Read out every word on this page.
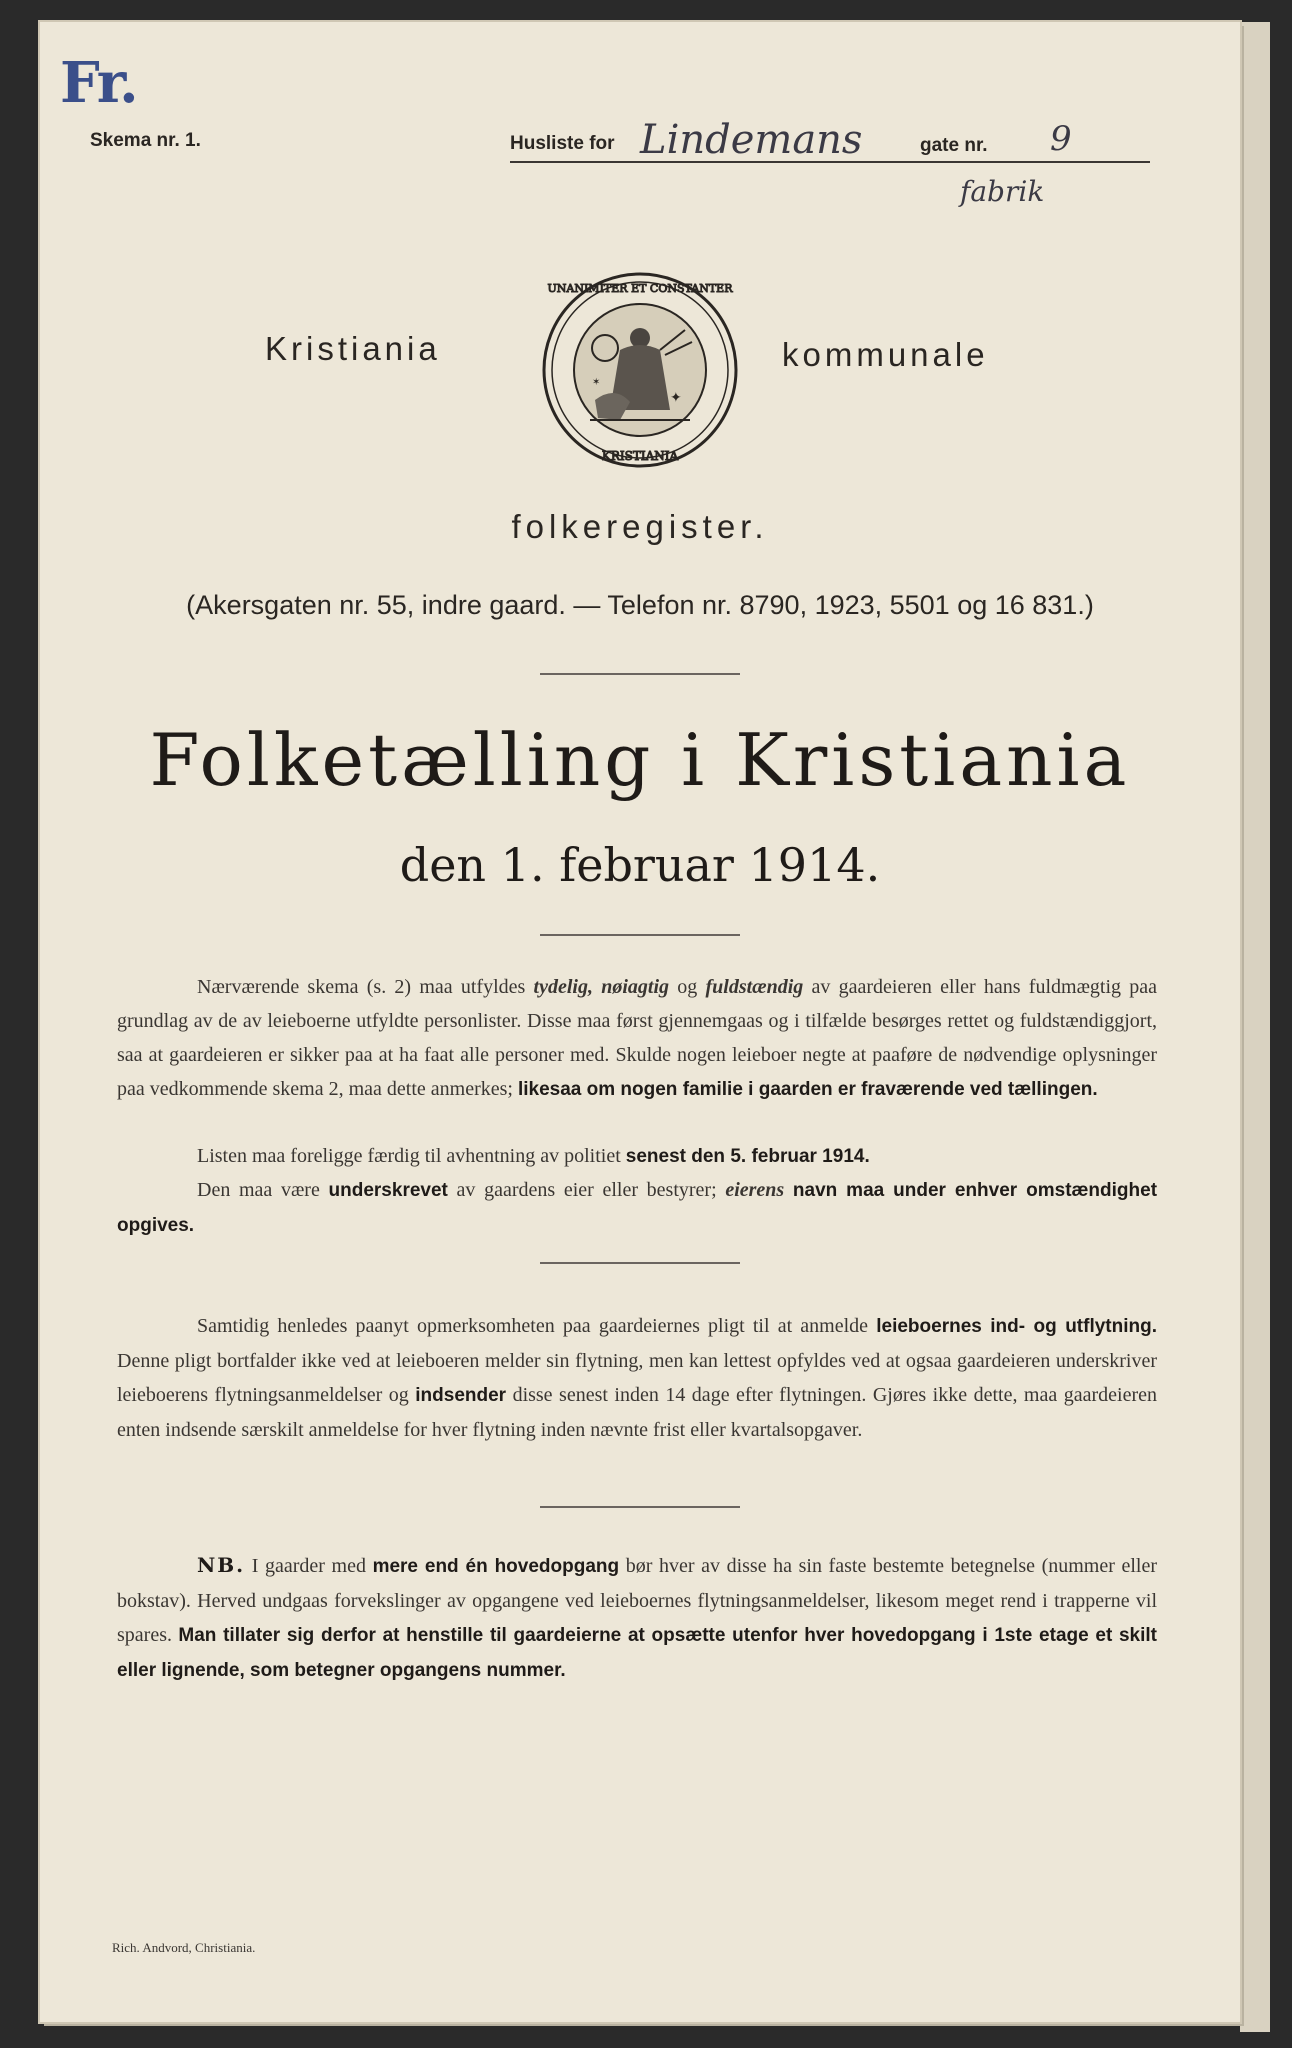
Fr.
Skema nr. 1.	Husliste for Lindemans	gate nr. 9
fabrik
Kristiania
UNANIMITER ET CONSTANTER
KRISTIANIA
✦
✶
kommunale
folkeregister.
(Akersgaten nr. 55, indre gaard. — Telefon nr. 8790, 1923, 5501 og 16 831.)
Folketælling i Kristiania
den 1. februar 1914.
Nærværende skema (s. 2) maa utfyldes tydelig, nøiagtig og fuldstændig av gaardeieren eller hans fuldmægtig paa grundlag av de av leieboerne utfyldte personlister. Disse maa først gjennemgaas og i tilfælde besørges rettet og fuldstændiggjort, saa at gaardeieren er sikker paa at ha faat alle personer med. Skulde nogen leieboer negte at paaføre de nødvendige oplysninger paa vedkommende skema 2, maa dette anmerkes; likesaa om nogen familie i gaarden er fraværende ved tællingen.
Listen maa foreligge færdig til avhentning av politiet senest den 5. februar 1914.
Den maa være underskrevet av gaardens eier eller bestyrer; eierens navn maa under enhver omstændighet opgives.
Samtidig henledes paanyt opmerksomheten paa gaardeiernes pligt til at anmelde leieboernes ind- og utflytning. Denne pligt bortfalder ikke ved at leieboeren melder sin flytning, men kan lettest opfyldes ved at ogsaa gaardeieren underskriver leieboerens flytningsanmeldelser og indsender disse senest inden 14 dage efter flytningen. Gjøres ikke dette, maa gaardeieren enten indsende særskilt anmeldelse for hver flytning inden nævnte frist eller kvartalsopgaver.
NB. I gaarder med mere end én hovedopgang bør hver av disse ha sin faste bestemte betegnelse (nummer eller bokstav). Herved undgaas forvekslinger av opgangene ved leieboernes flytningsanmeldelser, likesom meget rend i trapperne vil spares. Man tillater sig derfor at henstille til gaardeierne at opsætte utenfor hver hovedopgang i 1ste etage et skilt eller lignende, som betegner opgangens nummer.
Rich. Andvord, Christiania.
